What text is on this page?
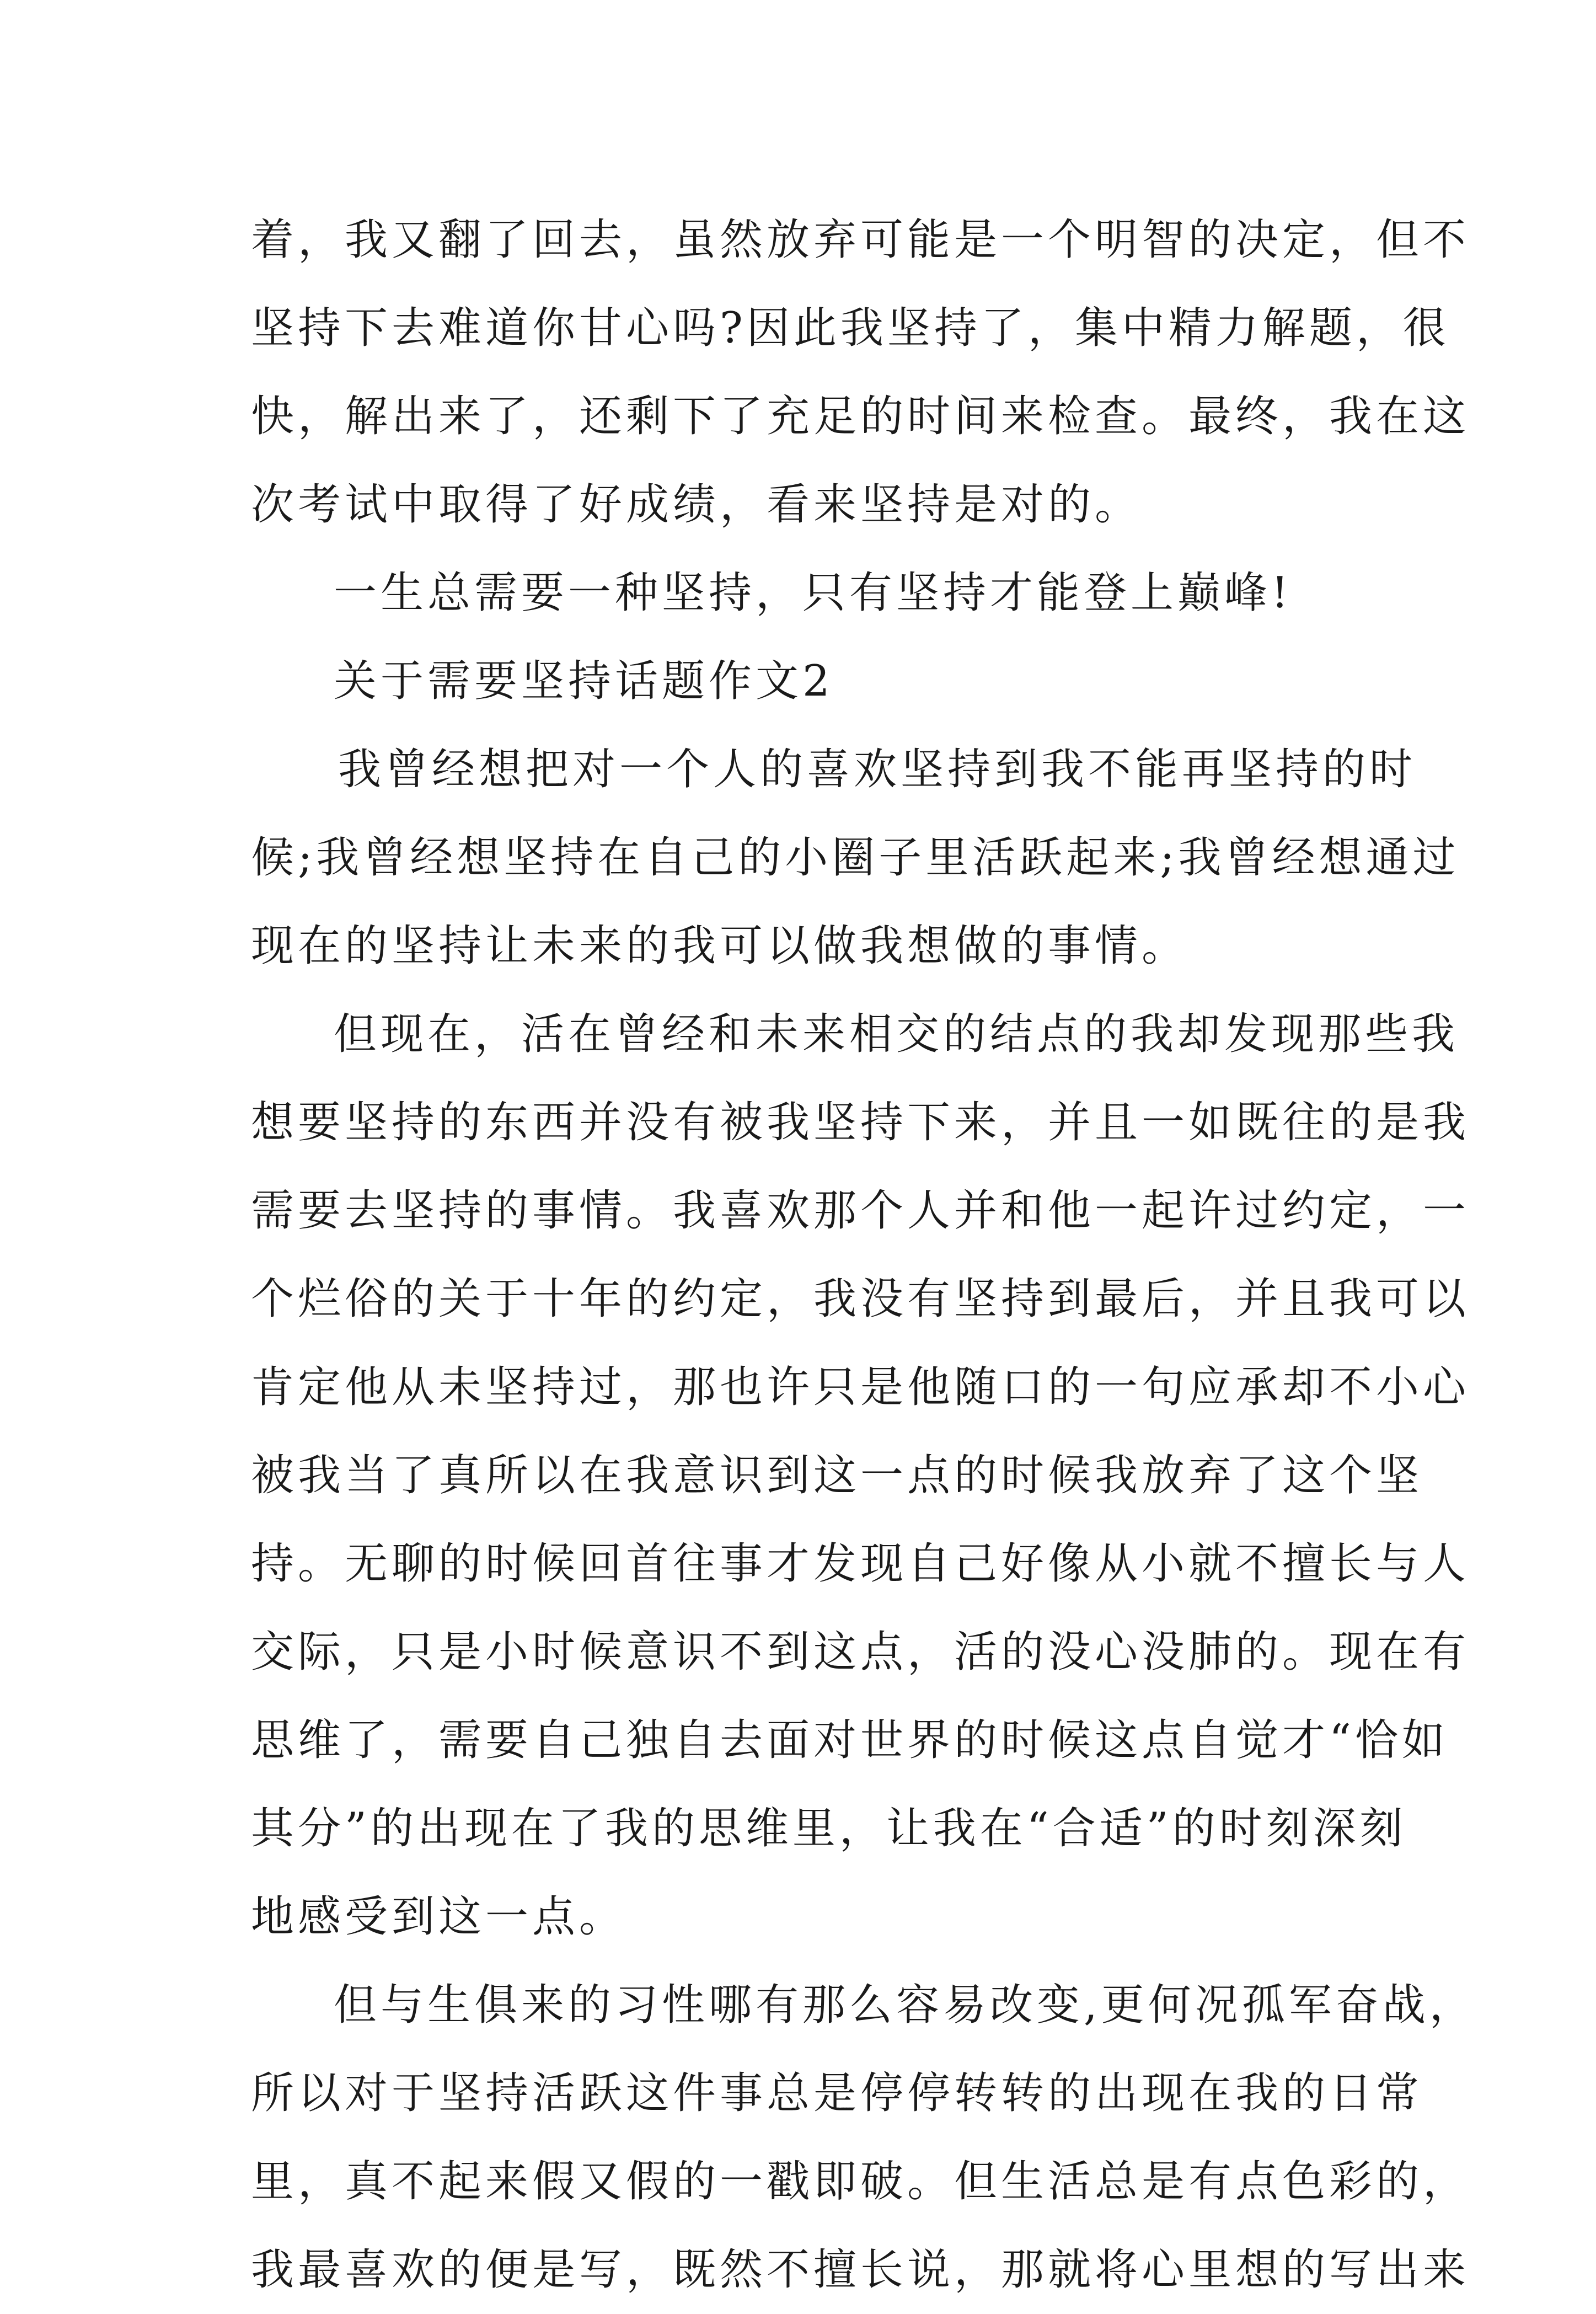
着，我又翻了回去，虽然放弃可能是一个明智的决定，但不
坚持下去难道你甘心吗?因此我坚持了，集中精力解题，很
快，解出来了，还剩下了充足的时间来检查。最终，我在这
次考试中取得了好成绩，看来坚持是对的。
一生总需要一种坚持，只有坚持才能登上巅峰!
关于需要坚持话题作文2
我曾经想把对一个人的喜欢坚持到我不能再坚持的时
候;我曾经想坚持在自己的小圈子里活跃起来;我曾经想通过
现在的坚持让未来的我可以做我想做的事情。
但现在，活在曾经和未来相交的结点的我却发现那些我
想要坚持的东西并没有被我坚持下来，并且一如既往的是我
需要去坚持的事情。我喜欢那个人并和他一起许过约定，一
个烂俗的关于十年的约定，我没有坚持到最后，并且我可以
肯定他从未坚持过，那也许只是他随口的一句应承却不小心
被我当了真所以在我意识到这一点的时候我放弃了这个坚
持。无聊的时候回首往事才发现自己好像从小就不擅长与人
交际，只是小时候意识不到这点，活的没心没肺的。现在有
思维了，需要自己独自去面对世界的时候这点自觉才“恰如
其分”的出现在了我的思维里，让我在“合适”的时刻深刻
地感受到这一点。
但与生俱来的习性哪有那么容易改变,更何况孤军奋战，
所以对于坚持活跃这件事总是停停转转的出现在我的日常
里，真不起来假又假的一戳即破。但生活总是有点色彩的，
我最喜欢的便是写，既然不擅长说，那就将心里想的写出来
